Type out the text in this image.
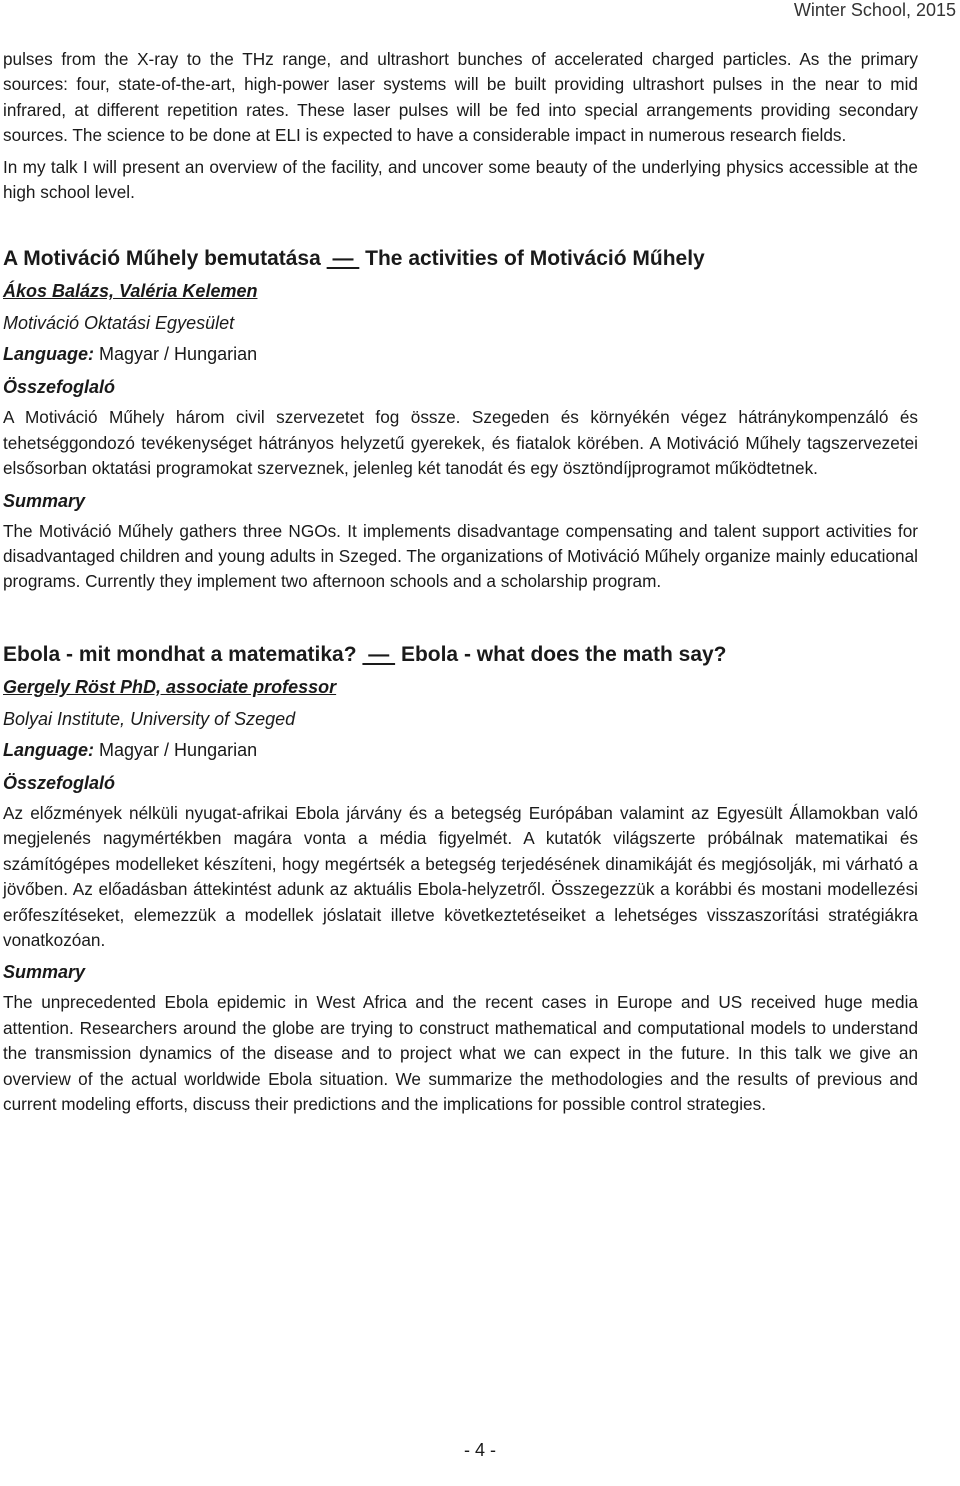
Winter School, 2015

pulses from the X-ray to the THz range, and ultrashort bunches of accelerated charged particles. As the primary sources: four, state-of-the-art, high-power laser systems will be built providing ultrashort pulses in the near to mid infrared, at different repetition rates. These laser pulses will be fed into special arrangements providing secondary sources. The science to be done at ELI is expected to have a considerable impact in numerous research fields.

In my talk I will present an overview of the facility, and uncover some beauty of the underlying physics accessible at the high school level.

A Motiváció Műhely bemutatása  —  The activities of Motiváció Műhely
Ákos Balázs, Valéria Kelemen
Motiváció Oktatási Egyesület
Language: Magyar / Hungarian
Összefoglaló

A Motiváció Műhely három civil szervezetet fog össze. Szegeden és környékén végez hátránykompenzáló és tehetséggondozó tevékenységet hátrányos helyzetű gyerekek, és fiatalok körében. A Motiváció Műhely tagszervezetei elsősorban oktatási programokat szerveznek, jelenleg két tanodát és egy ösztöndíjprogramot működtetnek.

Summary

The Motiváció Műhely gathers three NGOs. It implements disadvantage compensating and talent support activities for disadvantaged children and young adults in Szeged. The organizations of Motiváció Műhely organize mainly educational programs. Currently they implement two afternoon schools and a scholarship program.

Ebola - mit mondhat a matematika?  —  Ebola - what does the math say?
Gergely Röst PhD, associate professor
Bolyai Institute, University of Szeged
Language: Magyar / Hungarian
Összefoglaló

Az előzmények nélküli nyugat-afrikai Ebola járvány és a betegség Európában valamint az Egyesült Államokban való megjelenés nagymértékben magára vonta a média figyelmét. A kutatók világszerte próbálnak matematikai és számítógépes modelleket készíteni, hogy megértsék a betegség terjedésének dinamikáját és megjósolják, mi várható a jövőben. Az előadásban áttekintést adunk az aktuális Ebola-helyzetről. Összegezzük a korábbi és mostani modellezési erőfeszítéseket, elemezzük a modellek jóslatait illetve következtetéseiket a lehetséges visszaszorítási stratégiákra vonatkozóan.

Summary

The unprecedented Ebola epidemic in West Africa and the recent cases in Europe and US received huge media attention. Researchers around the globe are trying to construct mathematical and computational models to understand the transmission dynamics of the disease and to project what we can expect in the future. In this talk we give an overview of the actual worldwide Ebola situation. We summarize the methodologies and the results of previous and current modeling efforts, discuss their predictions and the implications for possible control strategies.

- 4 -
